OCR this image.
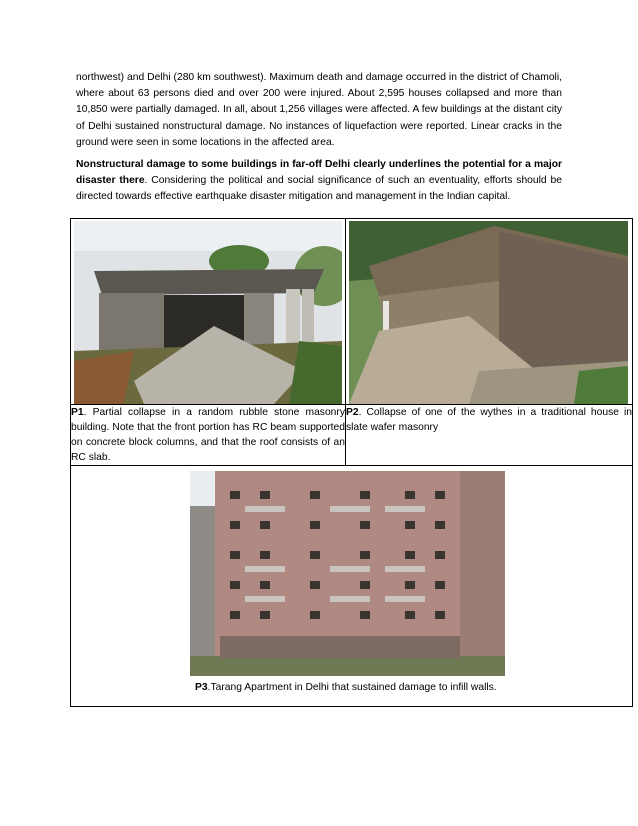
northwest) and Delhi (280 km southwest). Maximum death and damage occurred in the district of Chamoli, where about 63 persons died and over 200 were injured. About 2,595 houses collapsed and more than 10,850 were partially damaged. In all, about 1,256 villages were affected. A few buildings at the distant city of Delhi sustained nonstructural damage. No instances of liquefaction were reported. Linear cracks in the ground were seen in some locations in the affected area.

Nonstructural damage to some buildings in far-off Delhi clearly underlines the potential for a major disaster there. Considering the political and social significance of such an eventuality, efforts should be directed towards effective earthquake disaster mitigation and management in the Indian capital.

P1. Partial collapse in a random rubble stone masonry building. Note that the front portion has RC beam supported on concrete block columns, and that the roof consists of an RC slab.	P2. Collapse of one of the wythes in a traditional house in slate wafer masonry

P3.Tarang Apartment in Delhi that sustained damage to infill walls.	
